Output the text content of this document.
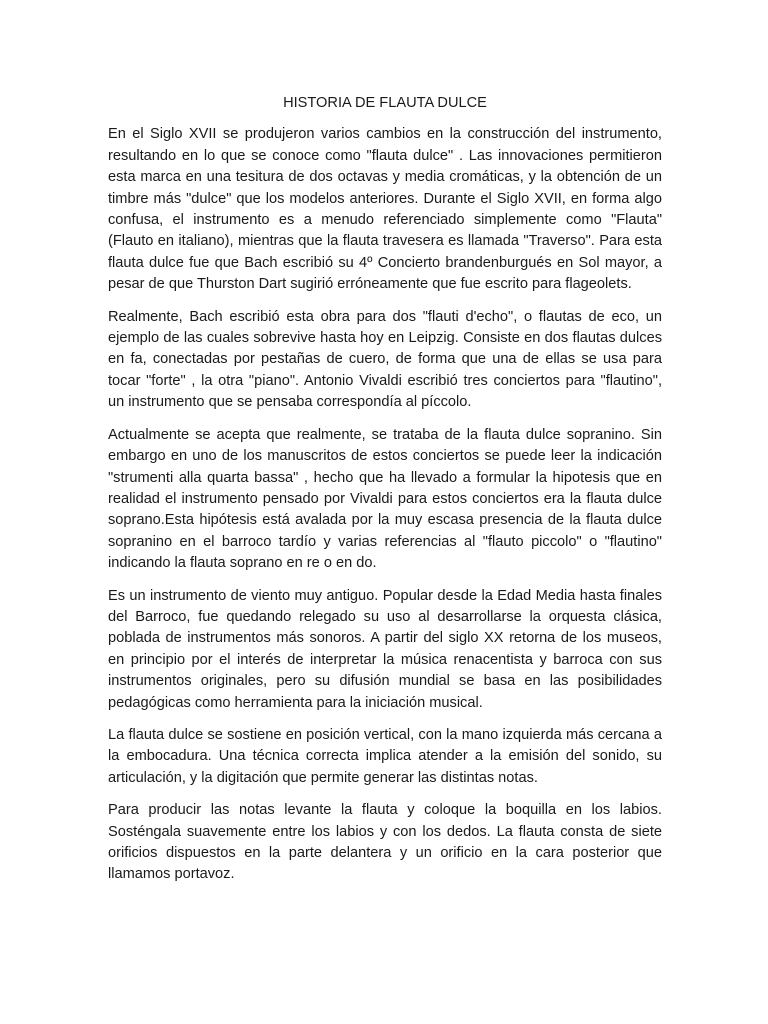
HISTORIA DE FLAUTA DULCE

En el Siglo XVII se produjeron varios cambios en la construcción del instrumento, resultando en lo que se conoce como "flauta dulce" . Las innovaciones permitieron esta marca en una tesitura de dos octavas y media cromáticas, y la obtención de un timbre más "dulce" que los modelos anteriores. Durante el Siglo XVII, en forma algo confusa, el instrumento es a menudo referenciado simplemente como "Flauta" (Flauto en italiano), mientras que la flauta travesera es llamada "Traverso". Para esta flauta dulce fue que Bach escribió su 4º Concierto brandenburgués en Sol mayor, a pesar de que Thurston Dart sugirió erróneamente que fue escrito para flageolets.

Realmente, Bach escribió esta obra para dos "flauti d'echo", o flautas de eco, un ejemplo de las cuales sobrevive hasta hoy en Leipzig. Consiste en dos flautas dulces en fa, conectadas por pestañas de cuero, de forma que una de ellas se usa para tocar "forte" , la otra "piano". Antonio Vivaldi escribió tres conciertos para "flautino", un instrumento que se pensaba correspondía al píccolo.

Actualmente se acepta que realmente, se trataba de la flauta dulce sopranino. Sin embargo en uno de los manuscritos de estos conciertos se puede leer la indicación "strumenti alla quarta bassa" , hecho que ha llevado a formular la hipotesis que en realidad el instrumento pensado por Vivaldi para estos conciertos era la flauta dulce soprano.Esta hipótesis está avalada por la muy escasa presencia de la flauta dulce sopranino en el barroco tardío y varias referencias al "flauto piccolo" o "flautino" indicando la flauta soprano en re o en do.

Es un instrumento de viento muy antiguo. Popular desde la Edad Media hasta finales del Barroco, fue quedando relegado su uso al desarrollarse la orquesta clásica, poblada de instrumentos más sonoros. A partir del siglo XX retorna de los museos, en principio por el interés de interpretar la música renacentista y barroca con sus instrumentos originales, pero su difusión mundial se basa en las posibilidades pedagógicas como herramienta para la iniciación musical.

La flauta dulce se sostiene en posición vertical, con la mano izquierda más cercana a la embocadura. Una técnica correcta implica atender a la emisión del sonido, su articulación, y la digitación que permite generar las distintas notas.

Para producir las notas levante la flauta y coloque la boquilla en los labios. Sosténgala suavemente entre los labios y con los dedos. La flauta consta de siete orificios dispuestos en la parte delantera y un orificio en la cara posterior que llamamos portavoz.
